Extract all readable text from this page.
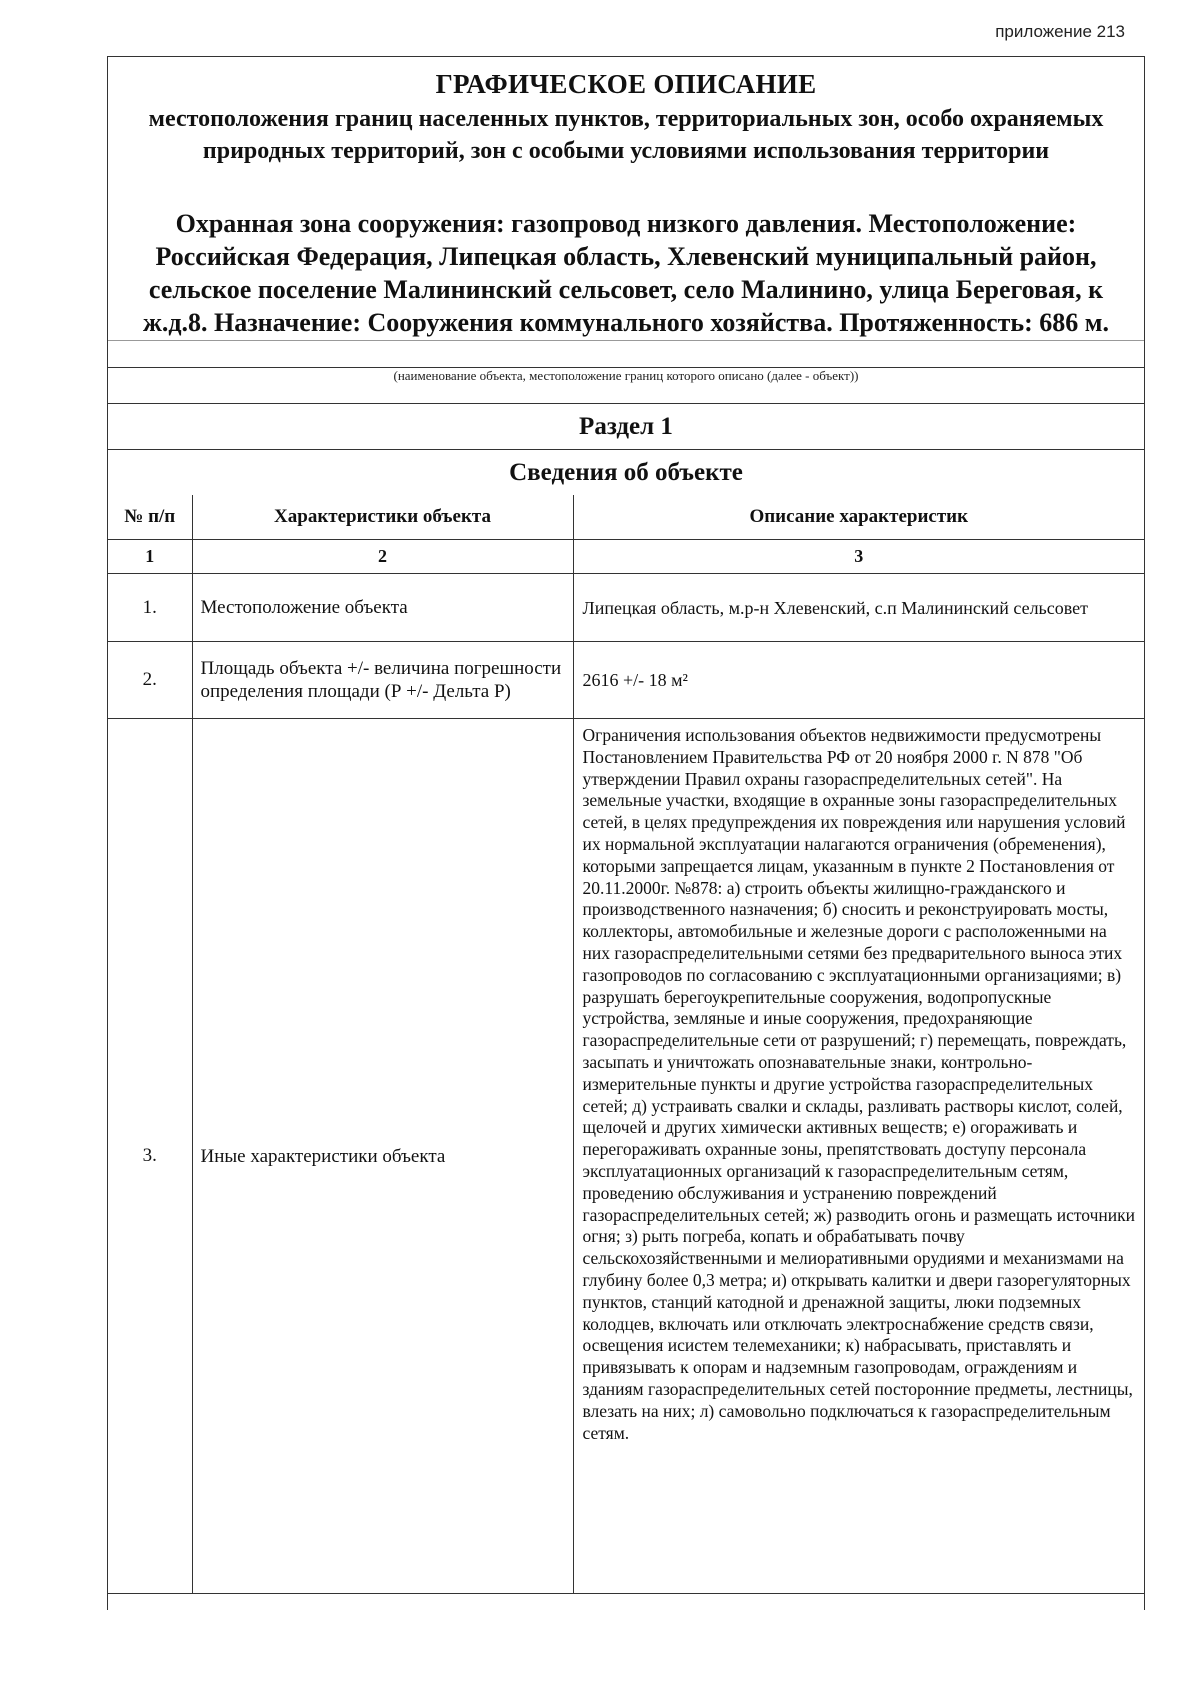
приложение 213
ГРАФИЧЕСКОЕ ОПИСАНИЕ
местоположения границ населенных пунктов, территориальных зон, особо охраняемых природных территорий, зон с особыми условиями использования территории
Охранная зона сооружения: газопровод низкого давления. Местоположение: Российская Федерация, Липецкая область, Хлевенский муниципальный район, сельское поселение Малининский сельсовет, село Малинино, улица Береговая, к ж.д.8. Назначение: Сооружения коммунального хозяйства. Протяженность: 686 м.
(наименование объекта, местоположение границ которого описано (далее - объект))
Раздел 1
Сведения об объекте
№ п/п	Характеристики объекта	Описание характеристик
1	2	3
1.	Местоположение объекта	Липецкая область, м.р-н Хлевенский, с.п Малининский сельсовет
2.	Площадь объекта +/- величина погрешности определения площади (Р +/- Дельта Р)	2616 +/- 18 м²
3.	Иные характеристики объекта	Ограничения использования объектов недвижимости предусмотрены Постановлением Правительства РФ от 20 ноября 2000 г. N 878 "Об утверждении Правил охраны газораспределительных сетей". На земельные участки, входящие в охранные зоны газораспределительных сетей, в целях предупреждения их повреждения или нарушения условий их нормальной эксплуатации налагаются ограничения (обременения), которыми запрещается лицам, указанным в пункте 2 Постановления от 20.11.2000г. №878: а) строить объекты жилищно-гражданского и производственного назначения; б) сносить и реконструировать мосты, коллекторы, автомобильные и железные дороги с расположенными на них газораспределительными сетями без предварительного выноса этих газопроводов по согласованию с эксплуатационными организациями; в) разрушать берегоукрепительные сооружения, водопропускные устройства, земляные и иные сооружения, предохраняющие газораспределительные сети от разрушений; г) перемещать, повреждать, засыпать и уничтожать опознавательные знаки, контрольно-измерительные пункты и другие устройства газораспределительных сетей; д) устраивать свалки и склады, разливать растворы кислот, солей, щелочей и других химически активных веществ; е) огораживать и перегораживать охранные зоны, препятствовать доступу персонала эксплуатационных организаций к газораспределительным сетям, проведению обслуживания и устранению повреждений газораспределительных сетей; ж) разводить огонь и размещать источники огня; з) рыть погреба, копать и обрабатывать почву сельскохозяйственными и мелиоративными орудиями и механизмами на глубину более 0,3 метра; и) открывать калитки и двери газорегуляторных пунктов, станций катодной и дренажной защиты, люки подземных колодцев, включать или отключать электроснабжение средств связи, освещения исистем телемеханики; к) набрасывать, приставлять и привязывать к опорам и надземным газопроводам, ограждениям и зданиям газораспределительных сетей посторонние предметы, лестницы, влезать на них; л) самовольно подключаться к газораспределительным сетям.
